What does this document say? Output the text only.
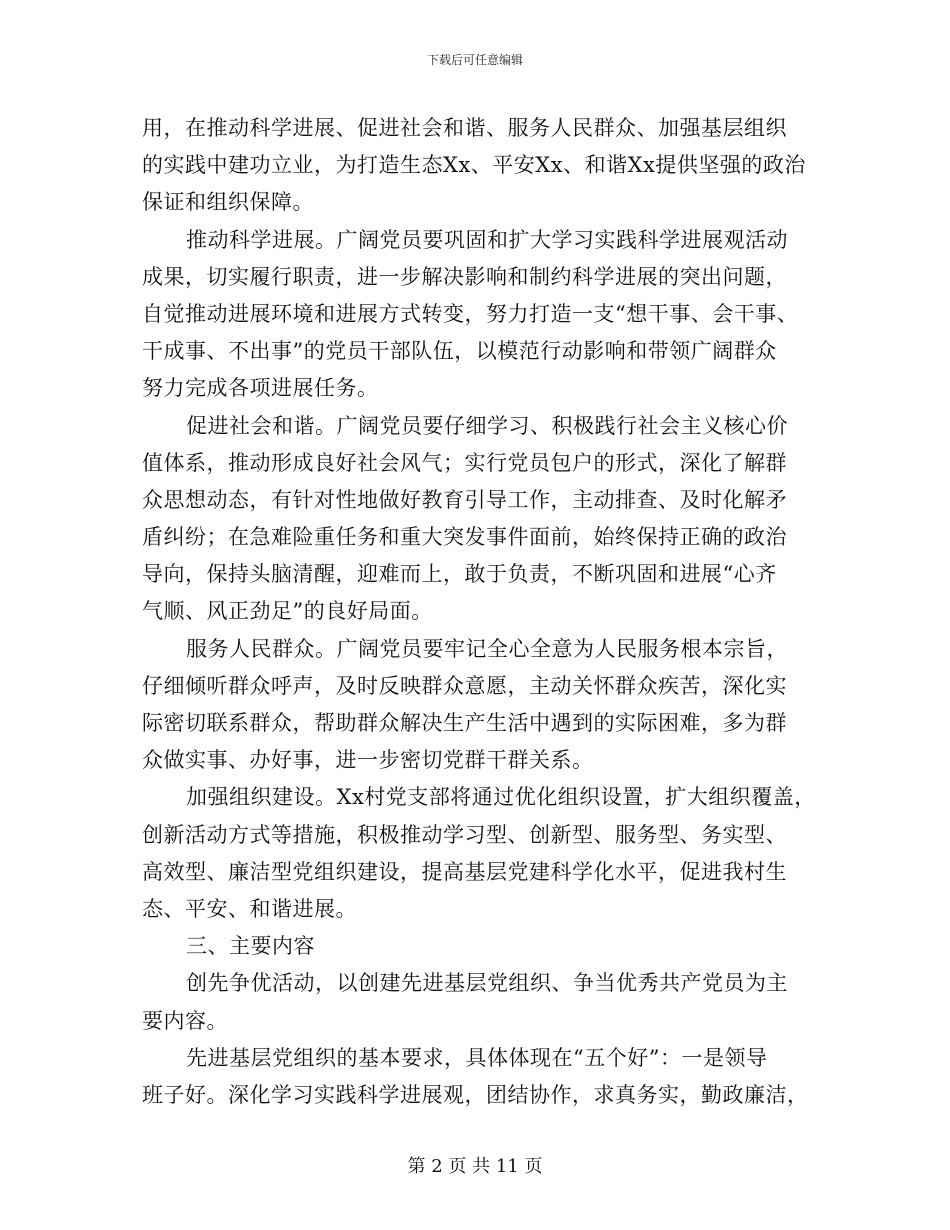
下载后可任意编辑
用，在推动科学进展、促进社会和谐、服务人民群众、加强基层组织
的实践中建功立业，为打造生态Xx、平安Xx、和谐Xx提供坚强的政治
保证和组织保障。
推动科学进展。广阔党员要巩固和扩大学习实践科学进展观活动
成果，切实履行职责，进一步解决影响和制约科学进展的突出问题，
自觉推动进展环境和进展方式转变，努力打造一支“想干事、会干事、
干成事、不出事”的党员干部队伍，以模范行动影响和带领广阔群众
努力完成各项进展任务。
促进社会和谐。广阔党员要仔细学习、积极践行社会主义核心价
值体系，推动形成良好社会风气；实行党员包户的形式，深化了解群
众思想动态，有针对性地做好教育引导工作，主动排查、及时化解矛
盾纠纷；在急难险重任务和重大突发事件面前，始终保持正确的政治
导向，保持头脑清醒，迎难而上，敢于负责，不断巩固和进展“心齐
气顺、风正劲足”的良好局面。
服务人民群众。广阔党员要牢记全心全意为人民服务根本宗旨，
仔细倾听群众呼声，及时反映群众意愿，主动关怀群众疾苦，深化实
际密切联系群众，帮助群众解决生产生活中遇到的实际困难，多为群
众做实事、办好事，进一步密切党群干群关系。
加强组织建设。Xx村党支部将通过优化组织设置，扩大组织覆盖，
创新活动方式等措施，积极推动学习型、创新型、服务型、务实型、
高效型、廉洁型党组织建设，提高基层党建科学化水平，促进我村生
态、平安、和谐进展。
三、主要内容
创先争优活动，以创建先进基层党组织、争当优秀共产党员为主
要内容。
先进基层党组织的基本要求，具体体现在“五个好”：一是领导
班子好。深化学习实践科学进展观，团结协作，求真务实，勤政廉洁，
第 2 页 共 11 页
